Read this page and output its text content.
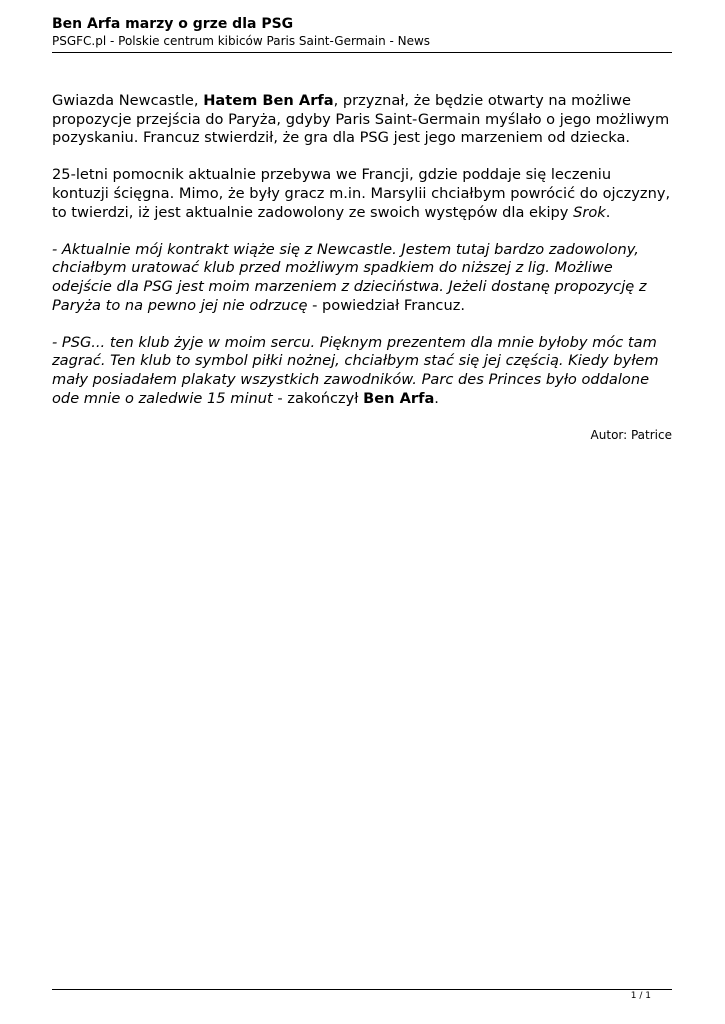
Ben Arfa marzy o grze dla PSG
PSGFC.pl - Polskie centrum kibiców Paris Saint-Germain - News

Gwiazda Newcastle, Hatem Ben Arfa, przyznał, że będzie otwarty na możliwe propozycje przejścia do Paryża, gdyby Paris Saint-Germain myślało o jego możliwym pozyskaniu. Francuz stwierdził, że gra dla PSG jest jego marzeniem od dziecka.

25-letni pomocnik aktualnie przebywa we Francji, gdzie poddaje się leczeniu kontuzji ścięgna. Mimo, że były gracz m.in. Marsylii chciałbym powrócić do ojczyzny, to twierdzi, iż jest aktualnie zadowolony ze swoich występów dla ekipy Srok.

- Aktualnie mój kontrakt wiąże się z Newcastle. Jestem tutaj bardzo zadowolony, chciałbym uratować klub przed możliwym spadkiem do niższej z lig. Możliwe odejście dla PSG jest moim marzeniem z dzieciństwa. Jeżeli dostanę propozycję z Paryża to na pewno jej nie odrzucę - powiedział Francuz.

- PSG... ten klub żyje w moim sercu. Pięknym prezentem dla mnie byłoby móc tam zagrać. Ten klub to symbol piłki nożnej, chciałbym stać się jej częścią. Kiedy byłem mały posiadałem plakaty wszystkich zawodników. Parc des Princes było oddalone ode mnie o zaledwie 15 minut - zakończył Ben Arfa.

Autor: Patrice
1 / 1
